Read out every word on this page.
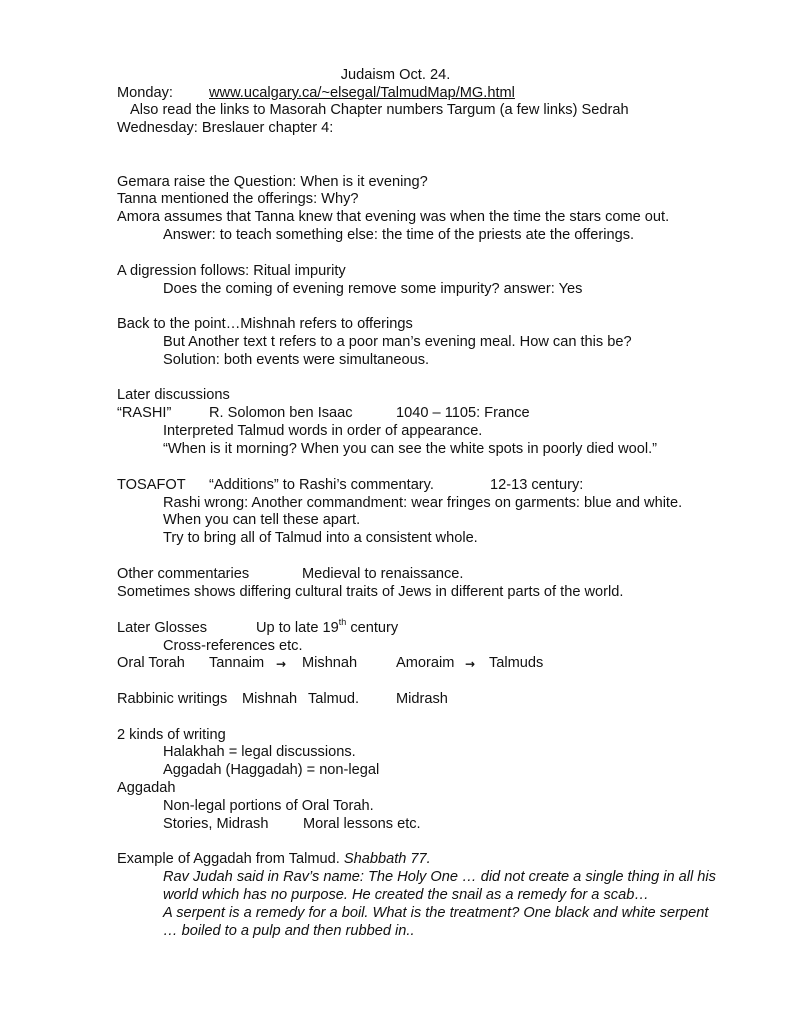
Judaism Oct. 24.
Monday: www.ucalgary.ca/~elsegal/TalmudMap/MG.html
Also read the links to Masorah Chapter numbers Targum (a few links) Sedrah
Wednesday: Breslauer chapter 4:
Gemara raise the Question: When is it evening?
Tanna mentioned the offerings: Why?
Amora assumes that Tanna knew that evening was when the time the stars come out.
Answer: to teach something else: the time of the priests ate the offerings.
A digression follows: Ritual impurity
Does the coming of evening remove some impurity? answer: Yes
Back to the point…Mishnah refers to offerings
But Another text t refers to a poor man’s evening meal. How can this be?
Solution: both events were simultaneous.
Later discussions
“RASHI”	R. Solomon ben Isaac	1040 – 1105: France
Interpreted Talmud words in order of appearance.
“When is it morning? When you can see the white spots in poorly died wool.”
TOSAFOT “Additions” to Rashi’s commentary.	12-13 century:
Rashi wrong: Another commandment: wear fringes on garments: blue and white.
When you can tell these apart.
Try to bring all of Talmud into a consistent whole.
Other commentaries	Medieval to renaissance.
Sometimes shows differing cultural traits of Jews in different parts of the world.
Later Glosses	Up to late 19th century
Cross-references etc.
Oral Torah Tannaim → Mishnah	Amoraim → Talmuds
Rabbinic writings Mishnah Talmud.	Midrash
2 kinds of writing
Halakhah = legal discussions.
Aggadah (Haggadah) = non-legal
Aggadah
Non-legal portions of Oral Torah.
Stories, Midrash Moral lessons etc.
Example of Aggadah from Talmud. Shabbath 77.
Rav Judah said in Rav’s name: The Holy One … did not create a single thing in all his
world which has no purpose. He created the snail as a remedy for a scab…
A serpent is a remedy for a boil. What is the treatment? One black and white serpent
… boiled to a pulp and then rubbed in..
